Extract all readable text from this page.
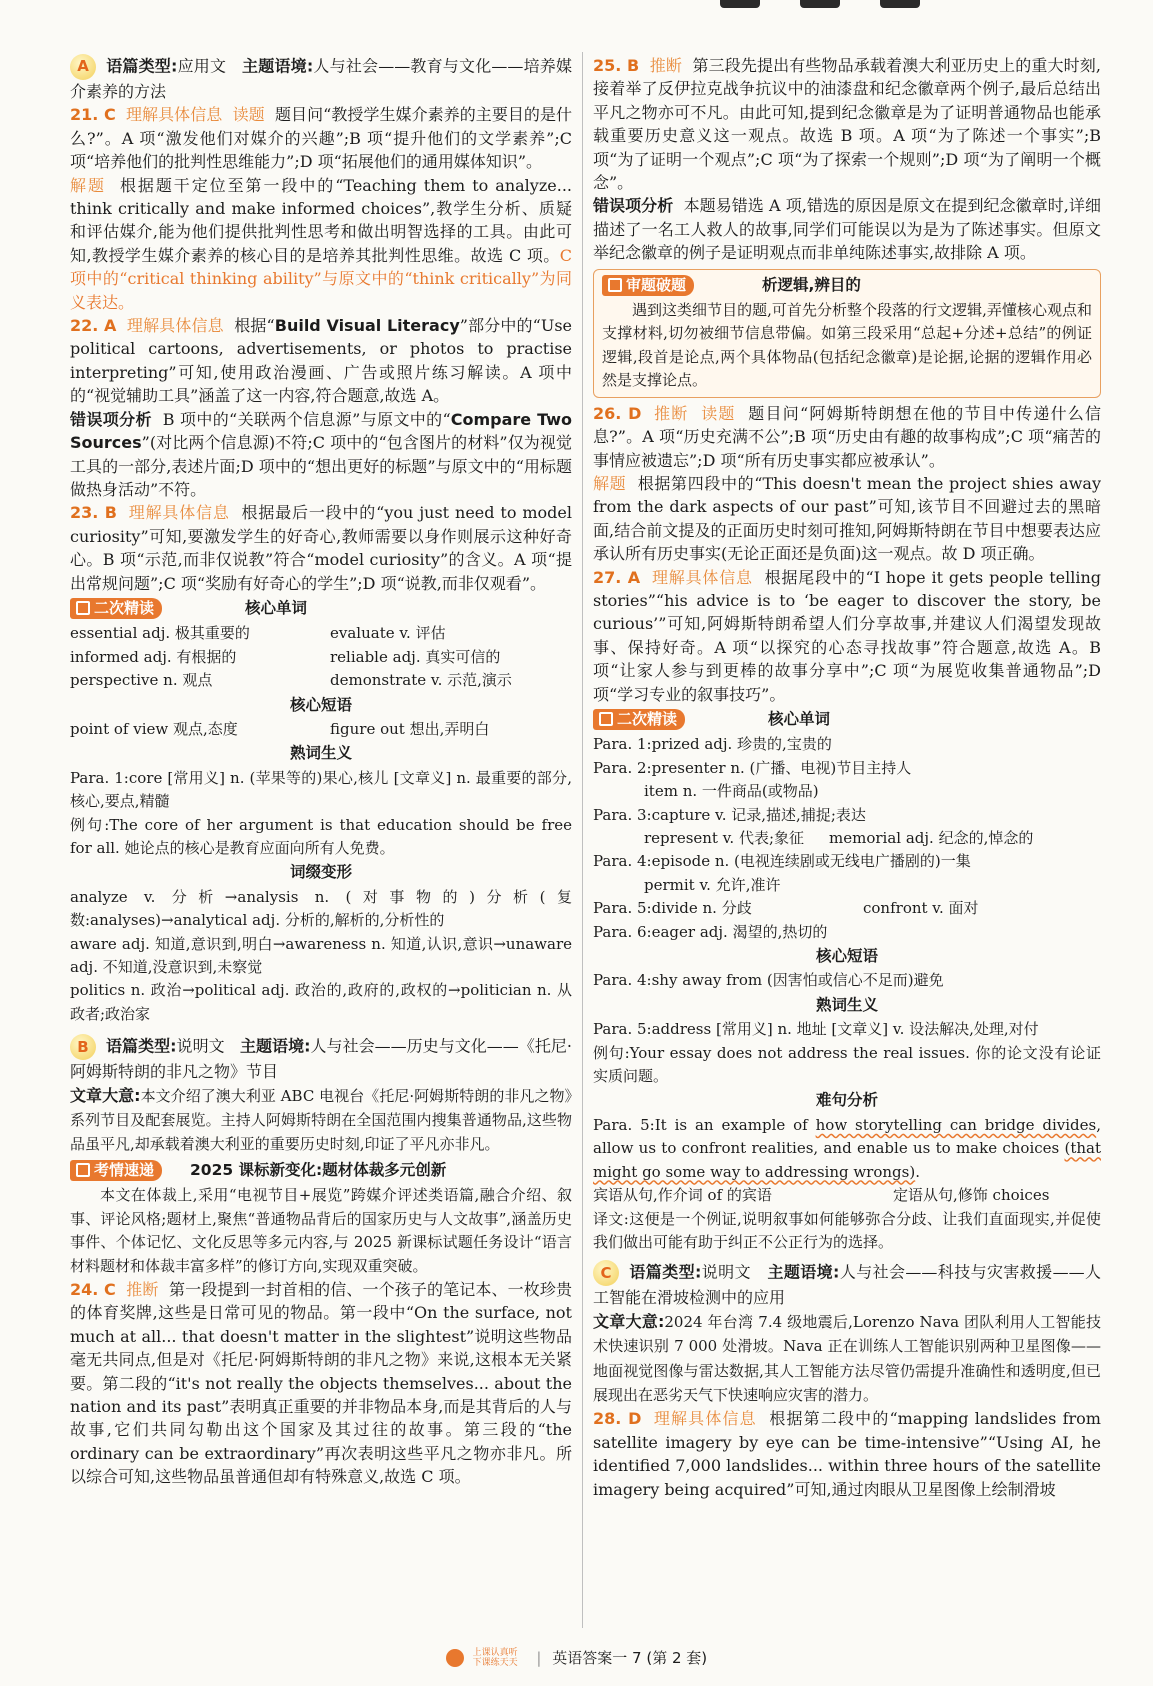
A 语篇类型:应用文 主题语境:人与社会——教育与文化——培养媒介素养的方法

21. C 理解具体信息 读题 题目问“教授学生媒介素养的主要目的是什么?”。A 项“激发他们对媒介的兴趣”;B 项“提升他们的文学素养”;C 项“培养他们的批判性思维能力”;D 项“拓展他们的通用媒体知识”。

解题 根据题干定位至第一段中的“Teaching them to analyze... think critically and make informed choices”,教学生分析、质疑和评估媒介,能为他们提供批判性思考和做出明智选择的工具。由此可知,教授学生媒介素养的核心目的是培养其批判性思维。故选 C 项。C 项中的“critical thinking ability”与原文中的“think critically”为同义表达。

22. A 理解具体信息 根据“Build Visual Literacy”部分中的“Use political cartoons, advertisements, or photos to practise interpreting”可知,使用政治漫画、广告或照片练习解读。A 项中的“视觉辅助工具”涵盖了这一内容,符合题意,故选 A。

错误项分析 B 项中的“关联两个信息源”与原文中的“Compare Two Sources”(对比两个信息源)不符;C 项中的“包含图片的材料”仅为视觉工具的一部分,表述片面;D 项中的“想出更好的标题”与原文中的“用标题做热身活动”不符。

23. B 理解具体信息 根据最后一段中的“you just need to model curiosity”可知,要激发学生的好奇心,教师需要以身作则展示这种好奇心。B 项“示范,而非仅说教”符合“model curiosity”的含义。A 项“提出常规问题”;C 项“奖励有好奇心的学生”;D 项“说教,而非仅观看”。

二次精读	核心单词
essential adj. 极其重要的	evaluate v. 评估
informed adj. 有根据的	reliable adj. 真实可信的
perspective n. 观点	demonstrate v. 示范,演示
核心短语
point of view 观点,态度	figure out 想出,弄明白
熟词生义

Para. 1:core [常用义] n. (苹果等的)果心,核儿 [文章义] n. 最重要的部分,核心,要点,精髓

例句:The core of her argument is that education should be free for all. 她论点的核心是教育应面向所有人免费。

词缀变形

analyze v. 分析→analysis n. (对事物的)分析(复数:analyses)→analytical adj. 分析的,解析的,分析性的

aware adj. 知道,意识到,明白→awareness n. 知道,认识,意识→unaware adj. 不知道,没意识到,未察觉

politics n. 政治→political adj. 政治的,政府的,政权的→politician n. 从政者;政治家

B 语篇类型:说明文 主题语境:人与社会——历史与文化——《托尼·阿姆斯特朗的非凡之物》节目

文章大意:本文介绍了澳大利亚 ABC 电视台《托尼·阿姆斯特朗的非凡之物》系列节目及配套展览。主持人阿姆斯特朗在全国范围内搜集普通物品,这些物品虽平凡,却承载着澳大利亚的重要历史时刻,印证了平凡亦非凡。

考情速递	2025 课标新变化:题材体裁多元创新

本文在体裁上,采用“电视节目+展览”跨媒介评述类语篇,融合介绍、叙事、评论风格;题材上,聚焦“普通物品背后的国家历史与人文故事”,涵盖历史事件、个体记忆、文化反思等多元内容,与 2025 新课标试题任务设计“语言材料题材和体裁丰富多样”的修订方向,实现双重突破。

24. C 推断 第一段提到一封首相的信、一个孩子的笔记本、一枚珍贵的体育奖牌,这些是日常可见的物品。第一段中“On the surface, not much at all... that doesn't matter in the slightest”说明这些物品毫无共同点,但是对《托尼·阿姆斯特朗的非凡之物》来说,这根本无关紧要。第二段的“it's not really the objects themselves... about the nation and its past”表明真正重要的并非物品本身,而是其背后的人与故事,它们共同勾勒出这个国家及其过往的故事。第三段的“the ordinary can be extraordinary”再次表明这些平凡之物亦非凡。所以综合可知,这些物品虽普通但却有特殊意义,故选 C 项。

25. B 推断 第三段先提出有些物品承载着澳大利亚历史上的重大时刻,接着举了反伊拉克战争抗议中的油漆盘和纪念徽章两个例子,最后总结出平凡之物亦可不凡。由此可知,提到纪念徽章是为了证明普通物品也能承载重要历史意义这一观点。故选 B 项。A 项“为了陈述一个事实”;B 项“为了证明一个观点”;C 项“为了探索一个规则”;D 项“为了阐明一个概念”。

错误项分析 本题易错选 A 项,错选的原因是原文在提到纪念徽章时,详细描述了一名工人救人的故事,同学们可能误以为是为了陈述事实。但原文举纪念徽章的例子是证明观点而非单纯陈述事实,故排除 A 项。

审题破题	析逻辑,辨目的

遇到这类细节目的题,可首先分析整个段落的行文逻辑,弄懂核心观点和支撑材料,切勿被细节信息带偏。如第三段采用“总起+分述+总结”的例证逻辑,段首是论点,两个具体物品(包括纪念徽章)是论据,论据的逻辑作用必然是支撑论点。

26. D 推断 读题 题目问“阿姆斯特朗想在他的节目中传递什么信息?”。A 项“历史充满不公”;B 项“历史由有趣的故事构成”;C 项“痛苦的事情应被遗忘”;D 项“所有历史事实都应被承认”。

解题 根据第四段中的“This doesn't mean the project shies away from the dark aspects of our past”可知,该节目不回避过去的黑暗面,结合前文提及的正面历史时刻可推知,阿姆斯特朗在节目中想要表达应承认所有历史事实(无论正面还是负面)这一观点。故 D 项正确。

27. A 理解具体信息 根据尾段中的“I hope it gets people telling stories”“his advice is to ‘be eager to discover the story, be curious’”可知,阿姆斯特朗希望人们分享故事,并建议人们渴望发现故事、保持好奇。A 项“以探究的心态寻找故事”符合题意,故选 A。B 项“让家人参与到更棒的故事分享中”;C 项“为展览收集普通物品”;D 项“学习专业的叙事技巧”。

二次精读	核心单词
Para. 1:prized adj. 珍贵的,宝贵的
Para. 2:presenter n. (广播、电视)节目主持人
item n. 一件商品(或物品)
Para. 3:capture v. 记录,描述,捕捉;表达
represent v. 代表;象征	memorial adj. 纪念的,悼念的
Para. 4:episode n. (电视连续剧或无线电广播剧的)一集
permit v. 允许,准许
Para. 5:divide n. 分歧	confront v. 面对
Para. 6:eager adj. 渴望的,热切的
核心短语

Para. 4:shy away from (因害怕或信心不足而)避免

熟词生义

Para. 5:address [常用义] n. 地址 [文章义] v. 设法解决,处理,对付

例句:Your essay does not address the real issues. 你的论文没有论证实质问题。

难句分析

Para. 5:It is an example of how storytelling can bridge divides, allow us to confront realities, and enable us to make choices (that might go some way to addressing wrongs).

宾语从句,作介词 of 的宾语	定语从句,修饰 choices

译文:这便是一个例证,说明叙事如何能够弥合分歧、让我们直面现实,并促使我们做出可能有助于纠正不公正行为的选择。

C 语篇类型:说明文 主题语境:人与社会——科技与灾害救援——人工智能在滑坡检测中的应用

文章大意:2024 年台湾 7.4 级地震后,Lorenzo Nava 团队利用人工智能技术快速识别 7 000 处滑坡。Nava 正在训练人工智能识别两种卫星图像——地面视觉图像与雷达数据,其人工智能方法尽管仍需提升准确性和透明度,但已展现出在恶劣天气下快速响应灾害的潜力。

28. D 理解具体信息 根据第二段中的“mapping landslides from satellite imagery by eye can be time-intensive”“Using AI, he identified 7,000 landslides... within three hours of the satellite imagery being acquired”可知,通过肉眼从卫星图像上绘制滑坡

上课认真听
下课练天天 | 英语答案一 7 (第 2 套)
